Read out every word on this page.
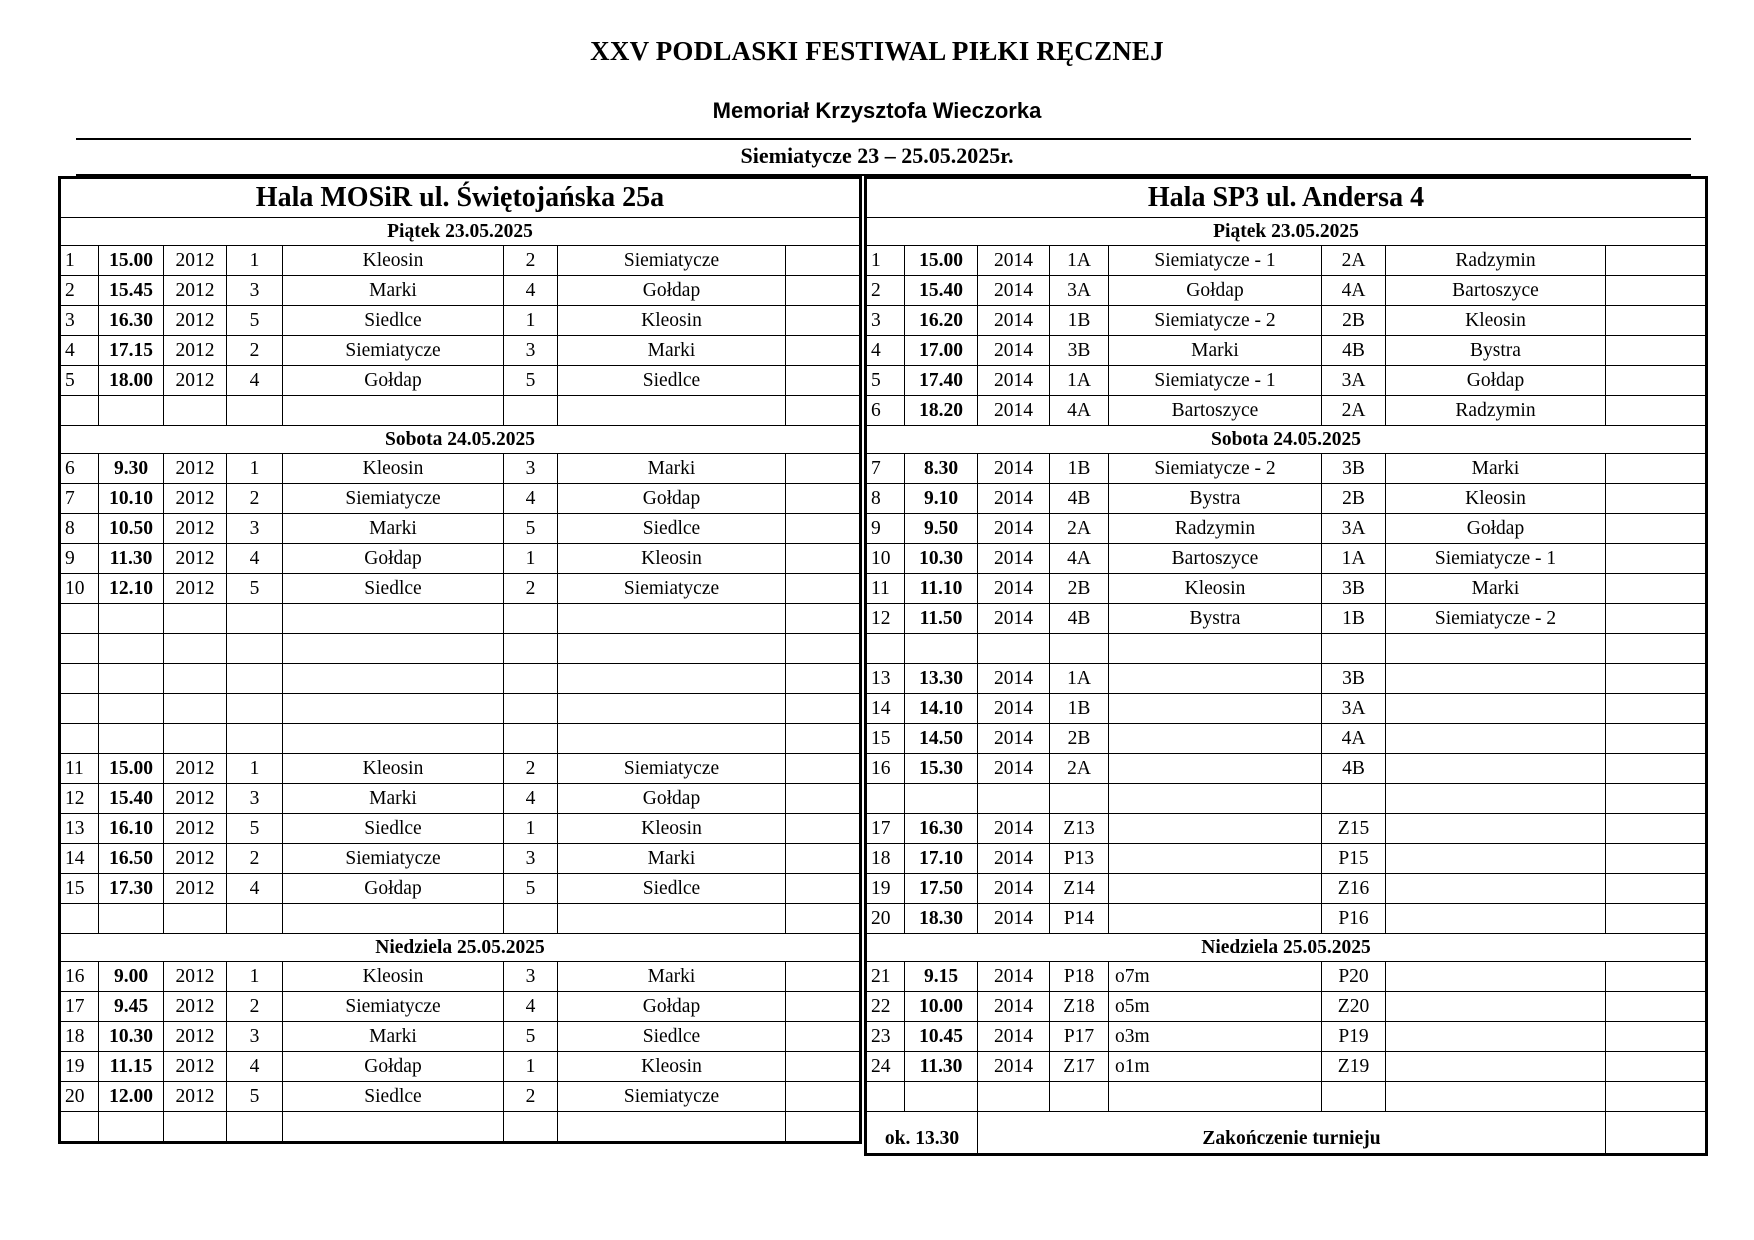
XXV PODLASKI FESTIWAL PIŁKI RĘCZNEJ
Memoriał Krzysztofa Wieczorka
Siemiatycze 23 – 25.05.2025r.
Hala MOSiR ul. Świętojańska 25a							
Piątek 23.05.2025							
1	15.00	2012	1	Kleosin	2	Siemiatycze	
2	15.45	2012	3	Marki	4	Gołdap	
3	16.30	2012	5	Siedlce	1	Kleosin	
4	17.15	2012	2	Siemiatycze	3	Marki	
5	18.00	2012	4	Gołdap	5	Siedlce	

Sobota 24.05.2025							
6	9.30	2012	1	Kleosin	3	Marki	
7	10.10	2012	2	Siemiatycze	4	Gołdap	
8	10.50	2012	3	Marki	5	Siedlce	
9	11.30	2012	4	Gołdap	1	Kleosin	
10	12.10	2012	5	Siedlce	2	Siemiatycze	

11	15.00	2012	1	Kleosin	2	Siemiatycze	
12	15.40	2012	3	Marki	4	Gołdap	
13	16.10	2012	5	Siedlce	1	Kleosin	
14	16.50	2012	2	Siemiatycze	3	Marki	
15	17.30	2012	4	Gołdap	5	Siedlce	

Niedziela 25.05.2025							
16	9.00	2012	1	Kleosin	3	Marki	
17	9.45	2012	2	Siemiatycze	4	Gołdap	
18	10.30	2012	3	Marki	5	Siedlce	
19	11.15	2012	4	Gołdap	1	Kleosin	
20	12.00	2012	5	Siedlce	2	Siemiatycze	

Hala SP3 ul. Andersa 4							
Piątek 23.05.2025							
1	15.00	2014	1A	Siemiatycze - 1	2A	Radzymin	
2	15.40	2014	3A	Gołdap	4A	Bartoszyce	
3	16.20	2014	1B	Siemiatycze - 2	2B	Kleosin	
4	17.00	2014	3B	Marki	4B	Bystra	
5	17.40	2014	1A	Siemiatycze - 1	3A	Gołdap	
6	18.20	2014	4A	Bartoszyce	2A	Radzymin	
Sobota 24.05.2025							
7	8.30	2014	1B	Siemiatycze - 2	3B	Marki	
8	9.10	2014	4B	Bystra	2B	Kleosin	
9	9.50	2014	2A	Radzymin	3A	Gołdap	
10	10.30	2014	4A	Bartoszyce	1A	Siemiatycze - 1	
11	11.10	2014	2B	Kleosin	3B	Marki	
12	11.50	2014	4B	Bystra	1B	Siemiatycze - 2	

13	13.30	2014	1A		3B		
14	14.10	2014	1B		3A		
15	14.50	2014	2B		4A		
16	15.30	2014	2A		4B		

17	16.30	2014	Z13		Z15		
18	17.10	2014	P13		P15		
19	17.50	2014	Z14		Z16		
20	18.30	2014	P14		P16		
Niedziela 25.05.2025							
21	9.15	2014	P18	o7m	P20		
22	10.00	2014	Z18	o5m	Z20		
23	10.45	2014	P17	o3m	P19		
24	11.30	2014	Z17	o1m	Z19		

ok. 13.30		Zakończenie turnieju					
